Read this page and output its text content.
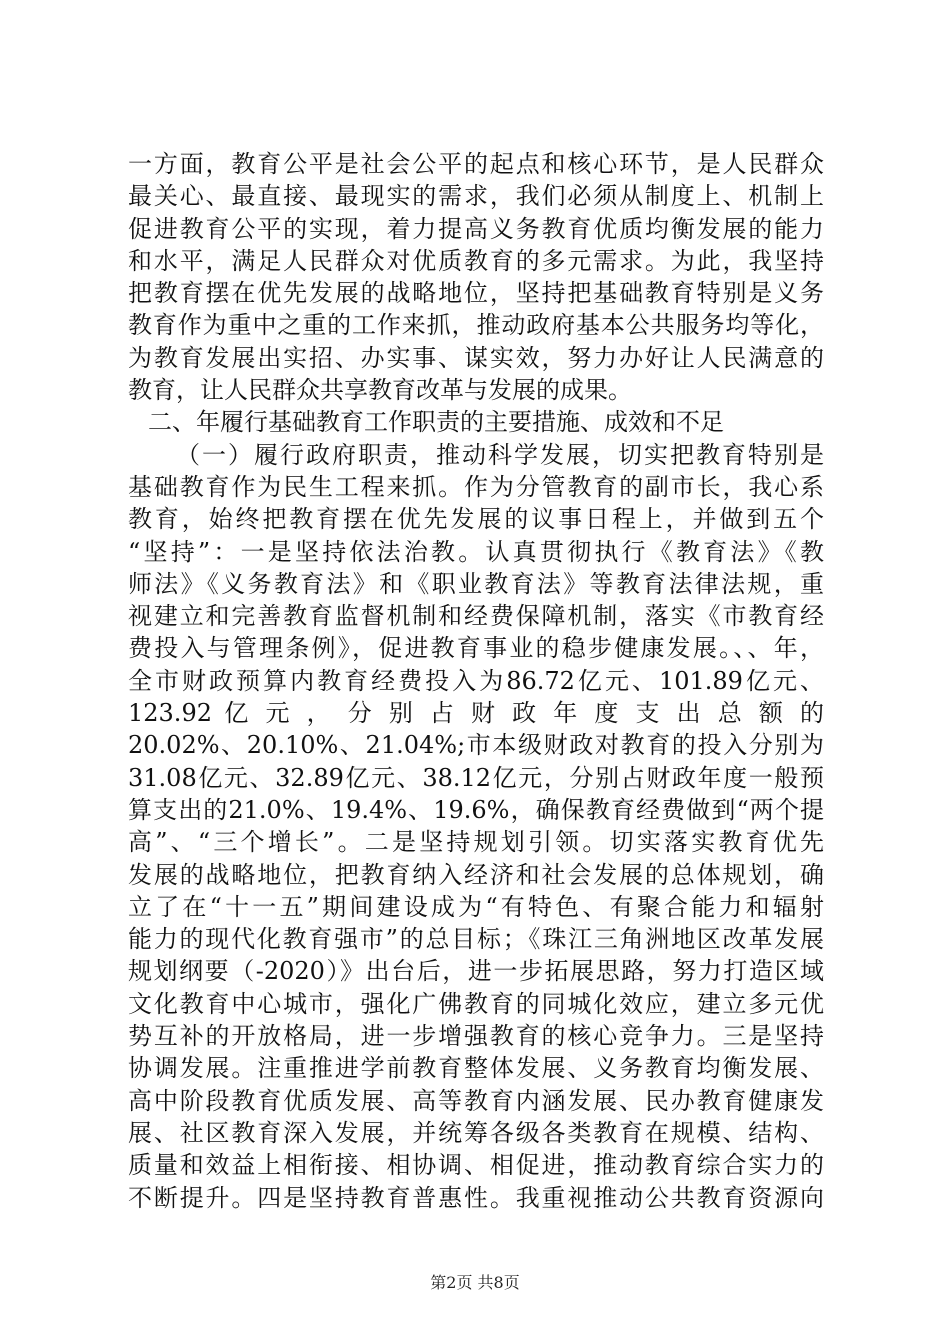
一方面，教育公平是社会公平的起点和核心环节，是人民群众
最关心、最直接、最现实的需求，我们必须从制度上、机制上
促进教育公平的实现，着力提高义务教育优质均衡发展的能力
和水平，满足人民群众对优质教育的多元需求。为此，我坚持
把教育摆在优先发展的战略地位，坚持把基础教育特别是义务
教育作为重中之重的工作来抓，推动政府基本公共服务均等化，
为教育发展出实招、办实事、谋实效，努力办好让人民满意的
教育，让人民群众共享教育改革与发展的成果。
二、年履行基础教育工作职责的主要措施、成效和不足
（一）履行政府职责，推动科学发展，切实把教育特别是
基础教育作为民生工程来抓。作为分管教育的副市长，我心系
教育，始终把教育摆在优先发展的议事日程上，并做到五个
“坚持”：一是坚持依法治教。认真贯彻执行《教育法》《教
师法》《义务教育法》和《职业教育法》等教育法律法规，重
视建立和完善教育监督机制和经费保障机制，落实《市教育经
费投入与管理条例》，促进教育事业的稳步健康发展。、、年，
全市财政预算内教育经费投入为86.72亿元、101.89亿元、
123.92 亿 元 ， 分 别 占 财 政 年 度 支 出 总 额 的
20.02%、20.10%、21.04%;市本级财政对教育的投入分别为
31.08亿元、32.89亿元、38.12亿元，分别占财政年度一般预
算支出的21.0%、19.4%、19.6%，确保教育经费做到“两个提
高”、“三个增长”。二是坚持规划引领。切实落实教育优先
发展的战略地位，把教育纳入经济和社会发展的总体规划，确
立了在“十一五”期间建设成为“有特色、有聚合能力和辐射
能力的现代化教育强市”的总目标；《珠江三角洲地区改革发展
规划纲要（-2020）》出台后，进一步拓展思路，努力打造区域
文化教育中心城市，强化广佛教育的同城化效应，建立多元优
势互补的开放格局，进一步增强教育的核心竞争力。三是坚持
协调发展。注重推进学前教育整体发展、义务教育均衡发展、
高中阶段教育优质发展、高等教育内涵发展、民办教育健康发
展、社区教育深入发展，并统筹各级各类教育在规模、结构、
质量和效益上相衔接、相协调、相促进，推动教育综合实力的
不断提升。四是坚持教育普惠性。我重视推动公共教育资源向
第2页 共8页
